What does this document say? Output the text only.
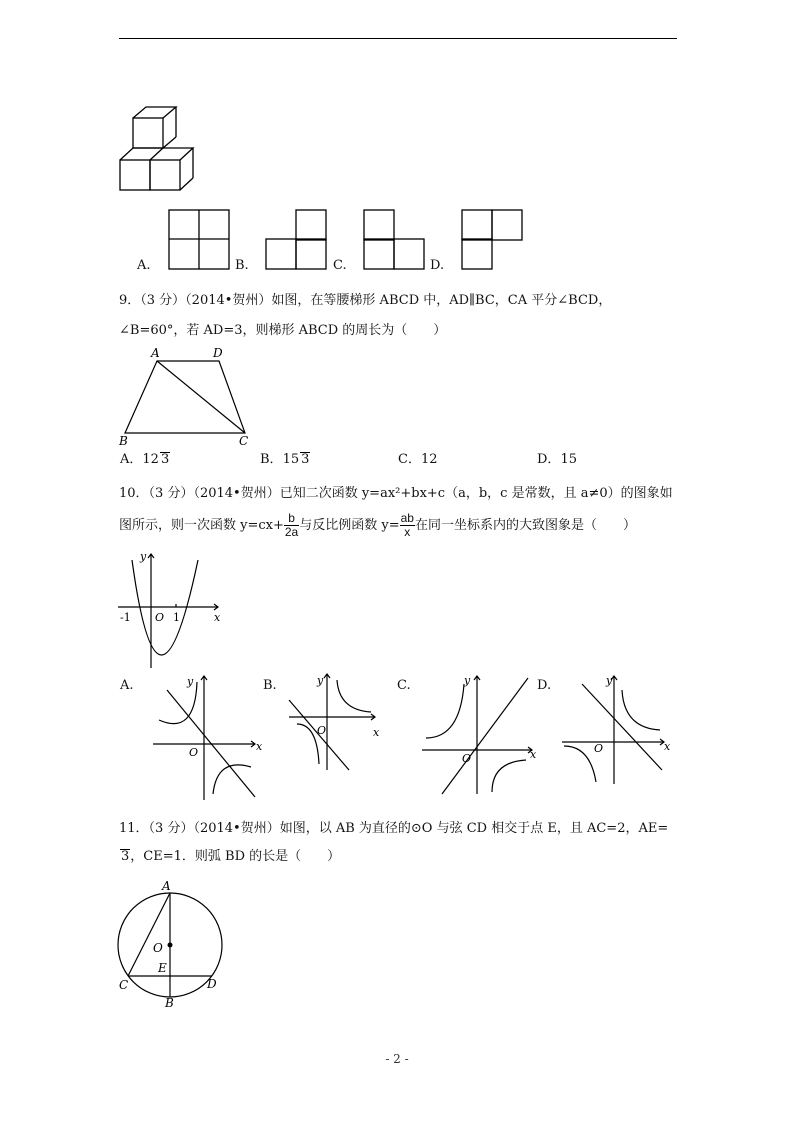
A.	B.	C.	D.
9．（3 分）（2014•贺州）如图，在等腰梯形 ABCD 中，AD∥BC，CA 平分∠BCD，
∠B=60°，若 AD=3，则梯形 ABCD 的周长为（　　）
A	D
B	C
A．12 3	B．15 3	C．12	D．15
10．（3 分）（2014•贺州）已知二次函数 y=ax²+bx+c（a，b，c 是常数，且 a≠0）的图象如
图所示，则一次函数 $y=cx+ \frac{b}{2a}$ 与反比例函数 $y= \frac{ab}{x}$ 在同一坐标系内的大致图象是（　　）
y
x
O
-1	1
A.	y
x
O
B.	y
x
O
C.	y
x
O
D.	y
x
O
11．（3 分）（2014•贺州）如图，以 AB 为直径的⊙O 与弦 CD 相交于点 E，且 AC=2，AE=
3，CE=1．则弧 BD 的长是（　　）
A
O
E
C	D
B
- 2 -
